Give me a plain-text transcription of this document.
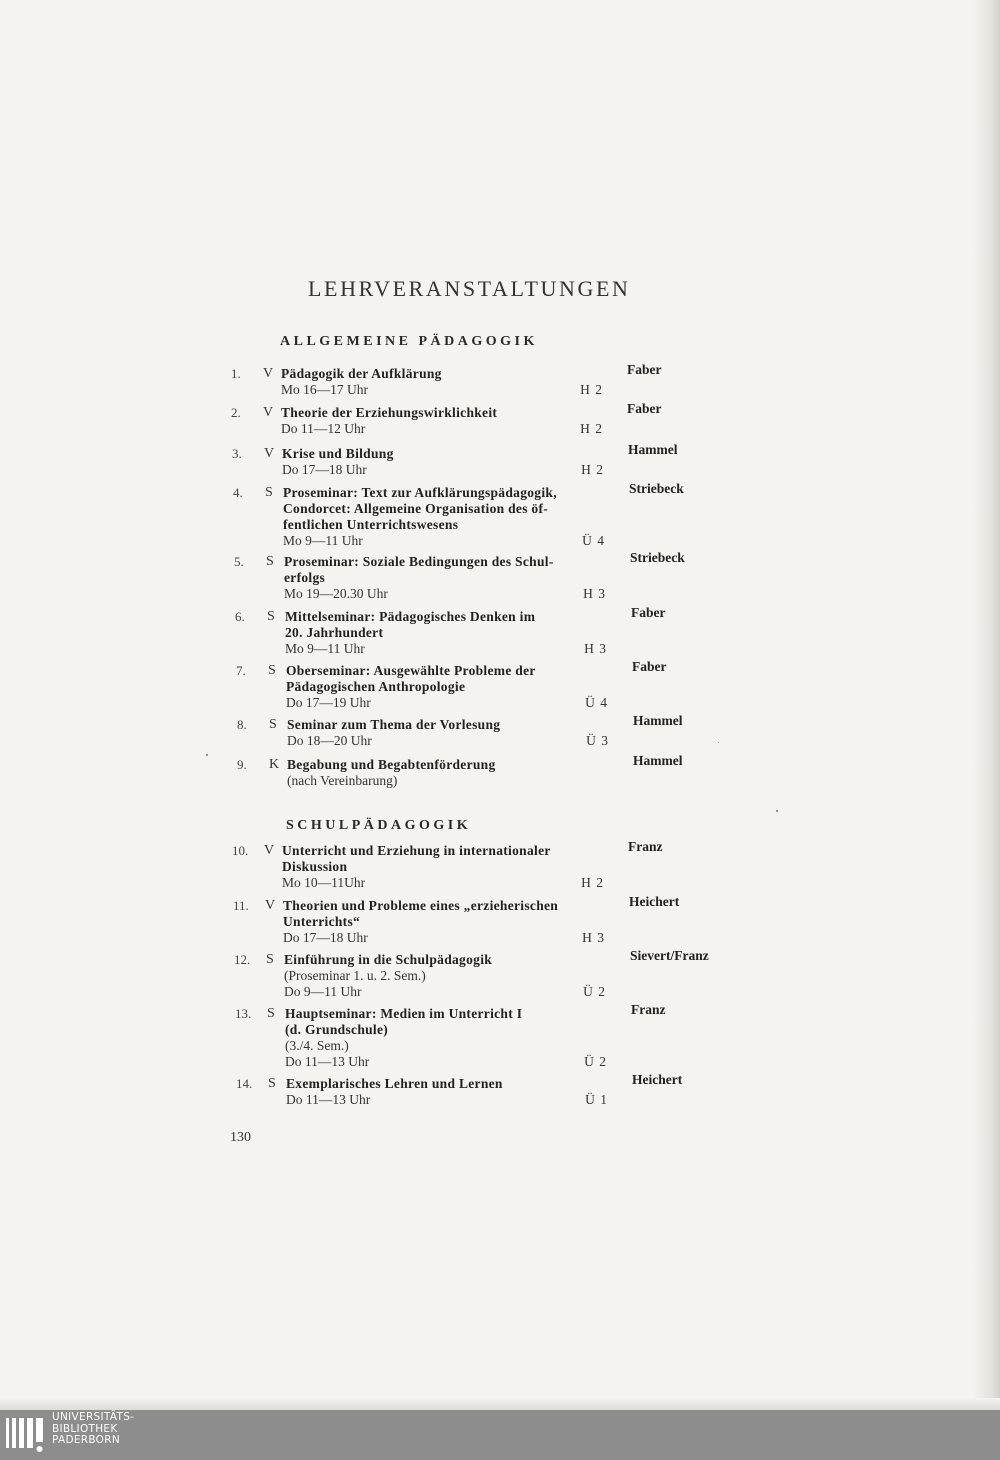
LEHRVERANSTALTUNGEN
ALLGEMEINE PÄDAGOGIK
1.	V Pädagogik der Aufklärung
Mo 16—17 Uhr	H 2
Faber
2.	V Theorie der Erziehungswirklichkeit
Do 11—12 Uhr	H 2
Faber
3.	V Krise und Bildung
Do 17—18 Uhr	H 2
Hammel
4.	S Proseminar: Text zur Aufklärungspädagogik,
Condorcet: Allgemeine Organisation des öf-
fentlichen Unterrichtswesens
Mo 9—11 Uhr	Ü 4
Striebeck
5.	S Proseminar: Soziale Bedingungen des Schul-
erfolgs
Mo 19—20.30 Uhr	H 3
Striebeck
6.	S Mittelseminar: Pädagogisches Denken im
20. Jahrhundert
Mo 9—11 Uhr	H 3
Faber
7.	S Oberseminar: Ausgewählte Probleme der
Pädagogischen Anthropologie
Do 17—19 Uhr	Ü 4
Faber
8.	S Seminar zum Thema der Vorlesung
Do 18—20 Uhr	Ü 3
Hammel
9.	K Begabung und Begabtenförderung
(nach Vereinbarung)
Hammel
SCHULPÄDAGOGIK
10.	V Unterricht und Erziehung in internationaler
Diskussion
Mo 10—11Uhr	H 2
Franz
11.	V Theorien und Probleme eines „erzieherischen
Unterrichts“
Do 17—18 Uhr	H 3
Heichert
12.	S Einführung in die Schulpädagogik
(Proseminar 1. u. 2. Sem.)
Do 9—11 Uhr	Ü 2
Sievert/Franz
13.	S Hauptseminar: Medien im Unterricht I
(d. Grundschule)
(3./4. Sem.)
Do 11—13 Uhr	Ü 2
Franz
14.	S Exemplarisches Lehren und Lernen
Do 11—13 Uhr	Ü 1
Heichert
130
UNIVERSITÄTS-
BIBLIOTHEK
PADERBORN
